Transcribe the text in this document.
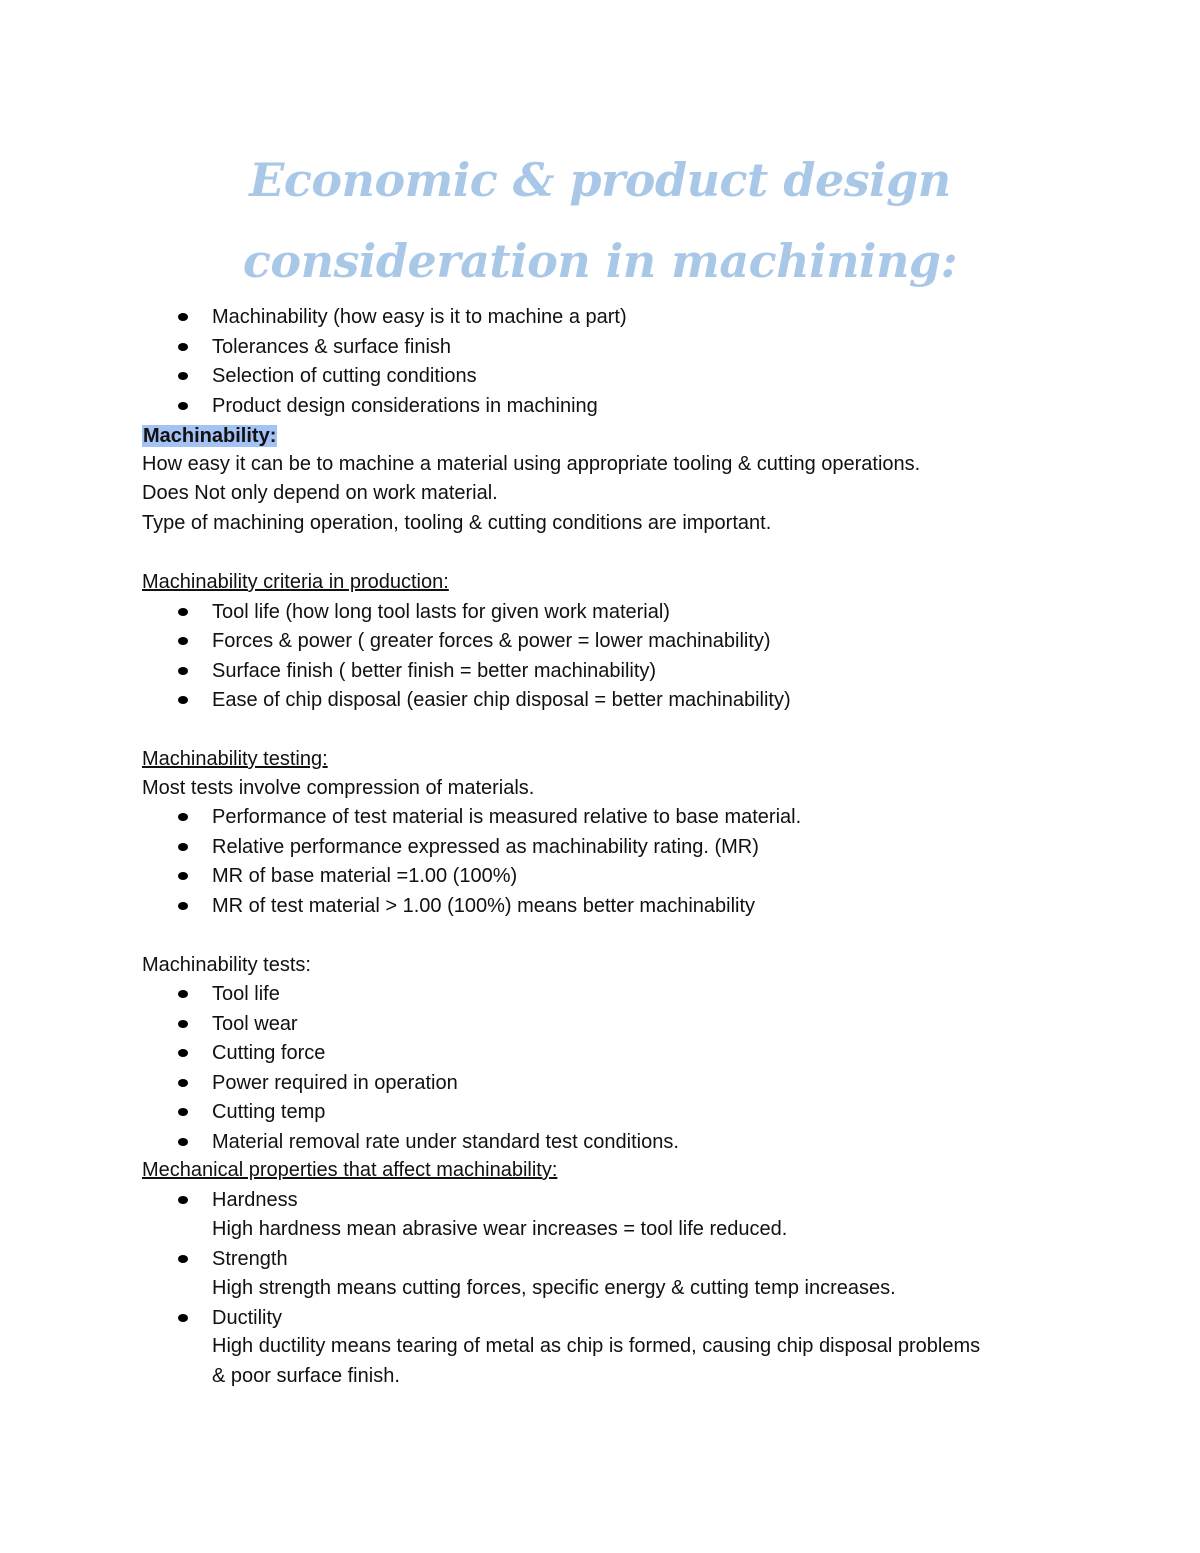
Economic & product design
consideration in machining:
Machinability (how easy is it to machine a part)
Tolerances & surface finish
Selection of cutting conditions
Product design considerations in machining
Machinability:
How easy it can be to machine a material using appropriate tooling & cutting operations.
Does Not only depend on work material.
Type of machining operation, tooling & cutting conditions are important.
Machinability criteria in production:
Tool life (how long tool lasts for given work material)
Forces & power ( greater forces & power = lower machinability)
Surface finish ( better finish = better machinability)
Ease of chip disposal (easier chip disposal = better machinability)
Machinability testing:
Most tests involve compression of materials.
Performance of test material is measured relative to base material.
Relative performance expressed as machinability rating. (MR)
MR of base material =1.00 (100%)
MR of test material > 1.00 (100%) means better machinability
Machinability tests:
Tool life
Tool wear
Cutting force
Power required in operation
Cutting temp
Material removal rate under standard test conditions.
Mechanical properties that affect machinability:
Hardness
High hardness mean abrasive wear increases = tool life reduced.
Strength
High strength means cutting forces, specific energy & cutting temp increases.
Ductility
High ductility means tearing of metal as chip is formed, causing chip disposal problems
& poor surface finish.
